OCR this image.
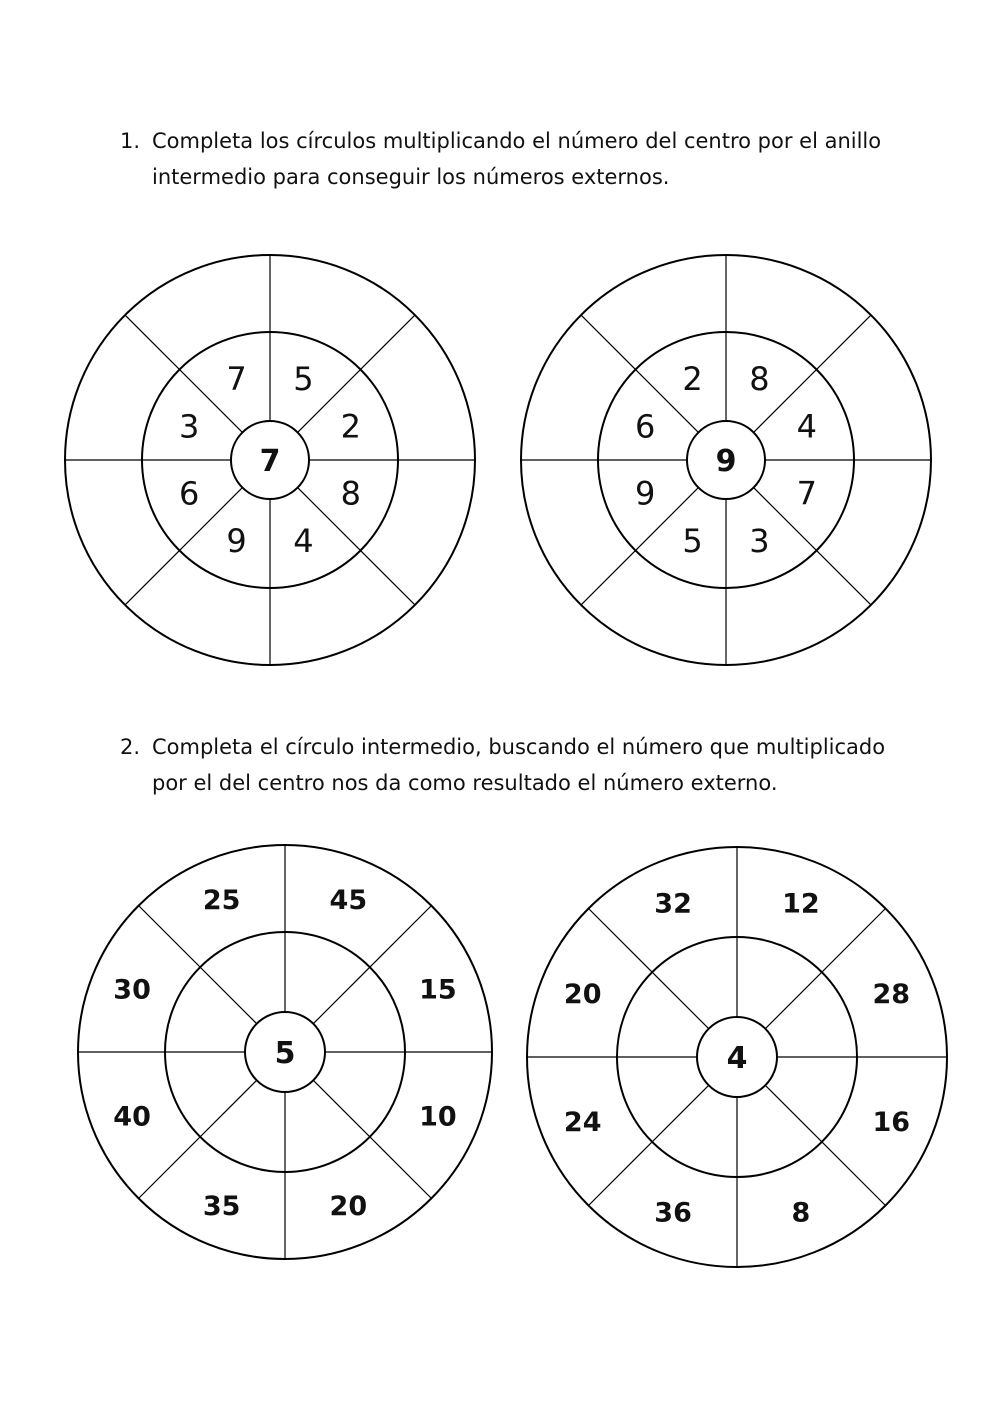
1. Completa los círculos multiplicando el número del centro por el anillo
intermedio para conseguir los números externos.
2. Completa el círculo intermedio, buscando el número que multiplicado
por el del centro nos da como resultado el número externo.
7
7 5
2
8
4
9
6
3
9
2 8
4
7
3
5
9
6
5
25	45
15
10
20
35
40
30
4
32	12
28
16
8
36
24
20
